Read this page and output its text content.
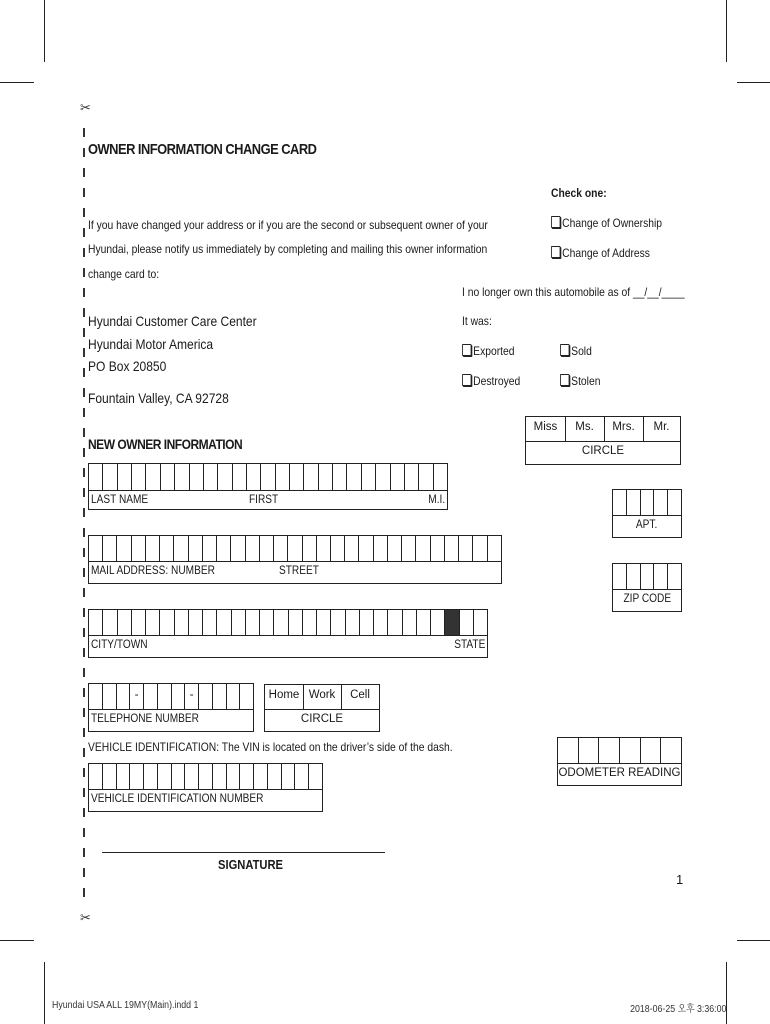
✂
✂
OWNER INFORMATION CHANGE CARD
Check one:
Change of Ownership
Change of Address
If you have changed your address or if you are the second or subsequent owner of your
Hyundai, please notify us immediately by completing and mailing this owner information
change card to:
I no longer own this automobile as of __/__/____
It was:
Exported	Sold
Destroyed	Stolen
Hyundai Customer Care Center
Hyundai Motor America
PO Box 20850
Fountain Valley, CA 92728
Miss	Ms.	Mrs.	Mr.
CIRCLE
NEW OWNER INFORMATION
LAST NAME	FIRST	M.I.
APT.
MAIL ADDRESS: NUMBER	STREET
ZIP CODE
CITY/TOWN	STATE
-	-
TELEPHONE NUMBER
Home Work	Cell
CIRCLE
VEHICLE IDENTIFICATION: The VIN is located on the driver’s side of the dash.
ODOMETER READING
VEHICLE IDENTIFICATION NUMBER
SIGNATURE
1
Hyundai USA ALL 19MY(Main).indd 1	2018-06-25 오후 3:36:00
